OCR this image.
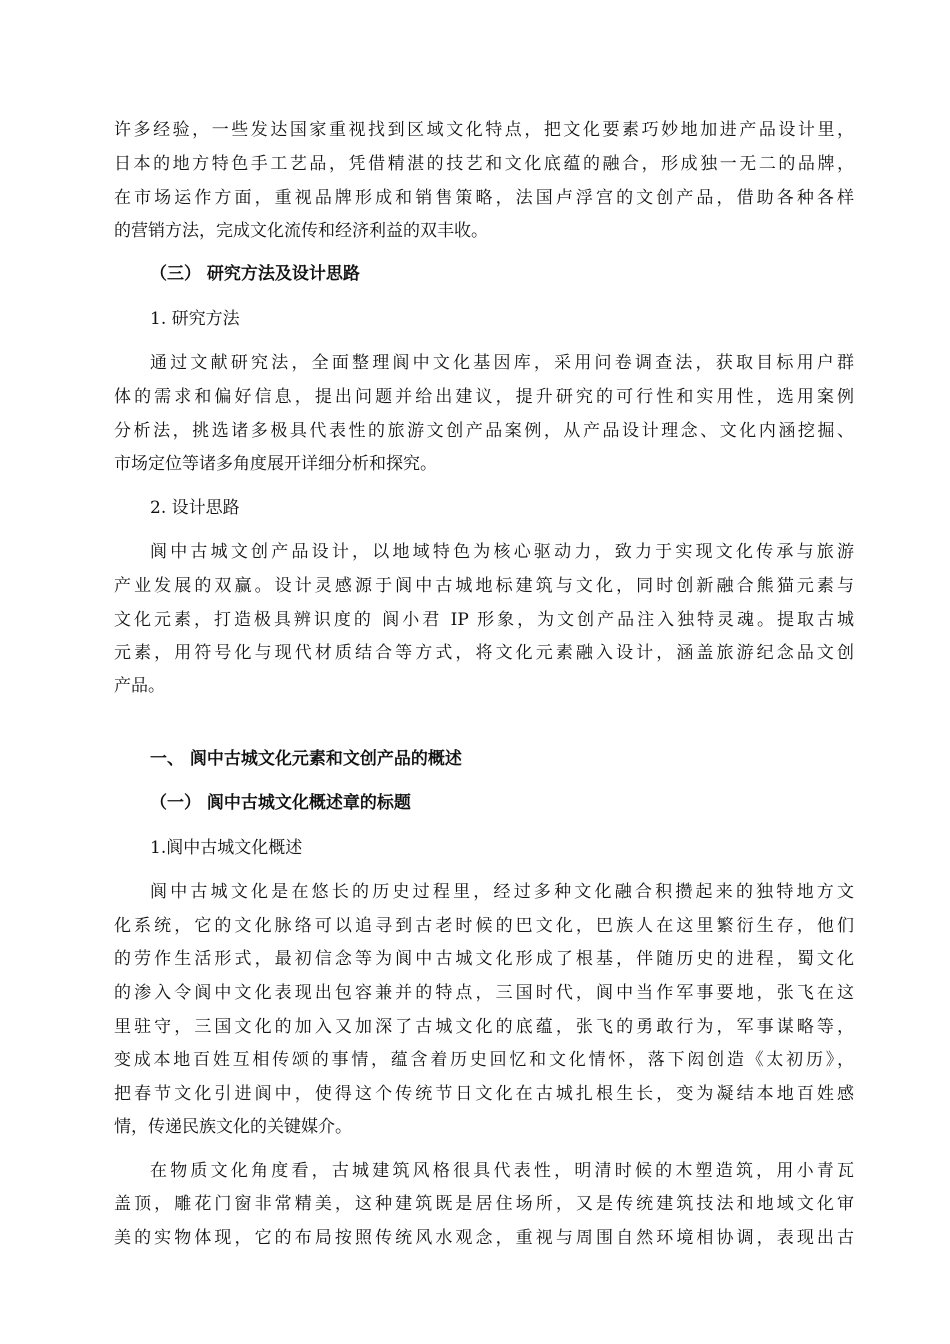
许多经验，一些发达国家重视找到区域文化特点，把文化要素巧妙地加进产品设计里，
日本的地方特色手工艺品，凭借精湛的技艺和文化底蕴的融合，形成独一无二的品牌，
在市场运作方面，重视品牌形成和销售策略，法国卢浮宫的文创产品，借助各种各样
的营销方法，完成文化流传和经济利益的双丰收。
（三） 研究方法及设计思路
1. 研究方法
通过文献研究法，全面整理阆中文化基因库，采用问卷调查法，获取目标用户群
体的需求和偏好信息，提出问题并给出建议，提升研究的可行性和实用性，选用案例
分析法，挑选诸多极具代表性的旅游文创产品案例，从产品设计理念、文化内涵挖掘、
市场定位等诸多角度展开详细分析和探究。
2. 设计思路
阆中古城文创产品设计，以地域特色为核心驱动力，致力于实现文化传承与旅游
产业发展的双赢。设计灵感源于阆中古城地标建筑与文化，同时创新融合熊猫元素与
文化元素，打造极具辨识度的 阆小君 IP 形象，为文创产品注入独特灵魂。提取古城
元素，用符号化与现代材质结合等方式，将文化元素融入设计，涵盖旅游纪念品文创
产品。
一、 阆中古城文化元素和文创产品的概述
（一） 阆中古城文化概述章的标题
1.阆中古城文化概述
阆中古城文化是在悠长的历史过程里，经过多种文化融合积攒起来的独特地方文
化系统，它的文化脉络可以追寻到古老时候的巴文化，巴族人在这里繁衍生存，他们
的劳作生活形式，最初信念等为阆中古城文化形成了根基，伴随历史的进程，蜀文化
的渗入令阆中文化表现出包容兼并的特点，三国时代，阆中当作军事要地，张飞在这
里驻守，三国文化的加入又加深了古城文化的底蕴，张飞的勇敢行为，军事谋略等，
变成本地百姓互相传颂的事情，蕴含着历史回忆和文化情怀，落下闳创造《太初历》，
把春节文化引进阆中，使得这个传统节日文化在古城扎根生长，变为凝结本地百姓感
情，传递民族文化的关键媒介。
在物质文化角度看，古城建筑风格很具代表性，明清时候的木塑造筑，用小青瓦
盖顶，雕花门窗非常精美，这种建筑既是居住场所，又是传统建筑技法和地域文化审
美的实物体现，它的布局按照传统风水观念，重视与周围自然环境相协调，表现出古
